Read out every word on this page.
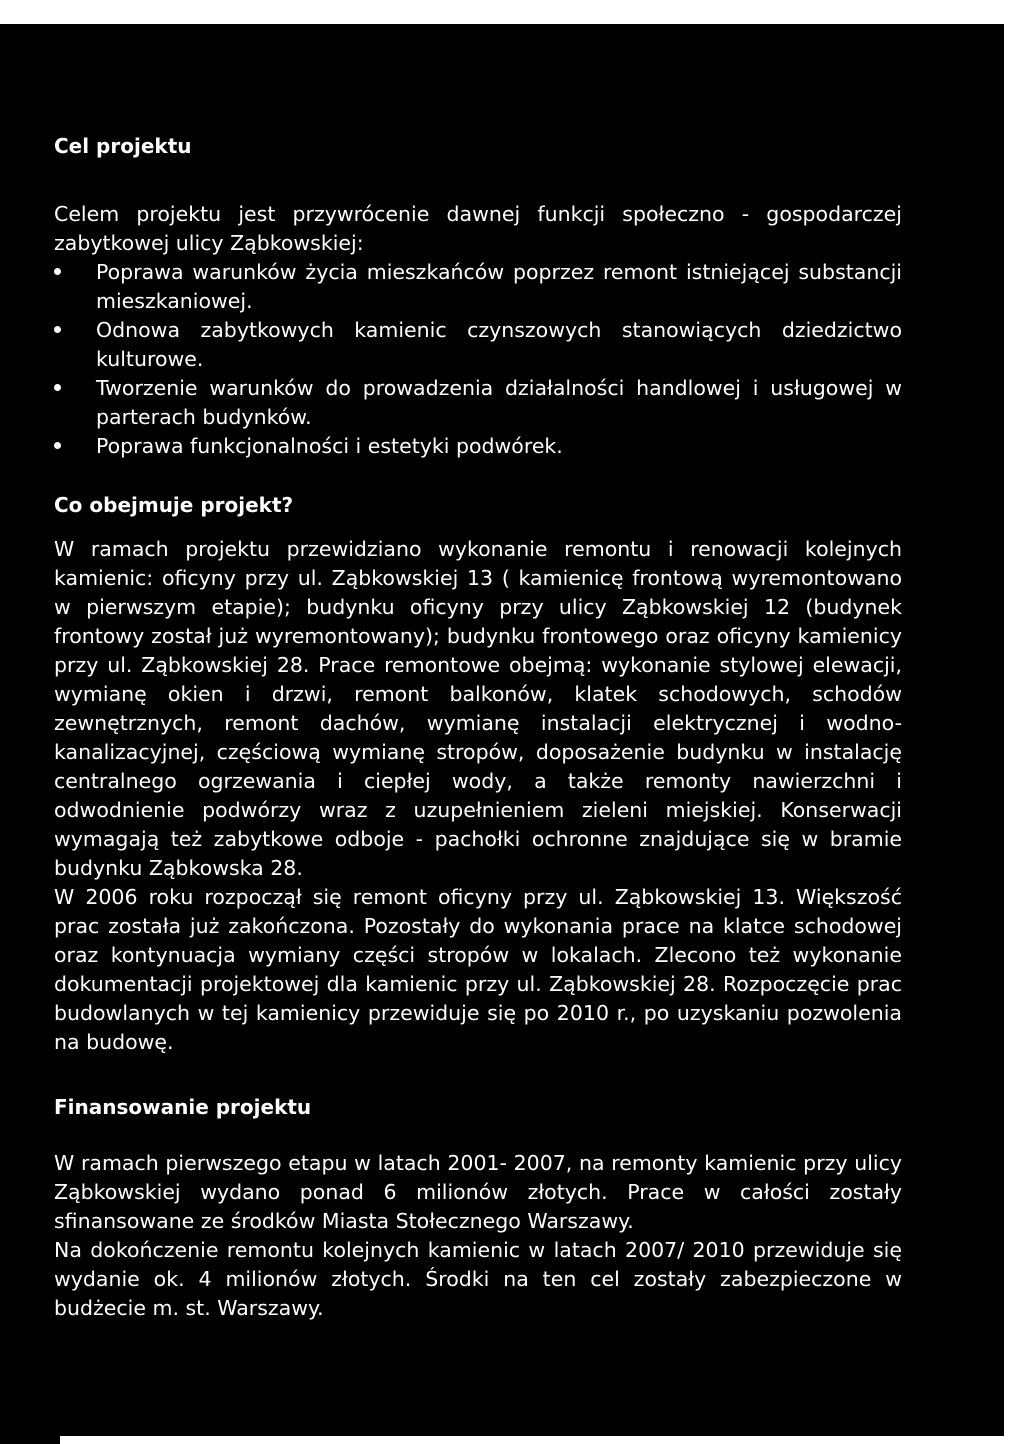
Cel projektu

Celem projektu jest przywrócenie dawnej funkcji społeczno - gospodarczej zabytkowej ulicy Ząbkowskiej:

Poprawa warunków życia mieszkańców poprzez remont istniejącej substancji mieszkaniowej.
Odnowa zabytkowych kamienic czynszowych stanowiących dziedzictwo kulturowe.
Tworzenie warunków do prowadzenia działalności handlowej i usługowej w parterach budynków.
Poprawa funkcjonalności i estetyki podwórek.
Co obejmuje projekt?

W ramach projektu przewidziano wykonanie remontu i renowacji kolejnych kamienic: oficyny przy ul. Ząbkowskiej 13 ( kamienicę frontową wyremontowano w pierwszym etapie); budynku oficyny przy ulicy Ząbkowskiej 12 (budynek frontowy został już wyremontowany); budynku frontowego oraz oficyny kamienicy przy ul. Ząbkowskiej 28. Prace remontowe obejmą: wykonanie stylowej elewacji, wymianę okien i drzwi, remont balkonów, klatek schodowych, schodów zewnętrznych, remont dachów, wymianę instalacji elektrycznej i wodno-kanalizacyjnej, częściową wymianę stropów, doposażenie budynku w instalację centralnego ogrzewania i ciepłej wody, a także remonty nawierzchni i odwodnienie podwórzy wraz z uzupełnieniem zieleni miejskiej. Konserwacji wymagają też zabytkowe odboje - pachołki ochronne znajdujące się w bramie budynku Ząbkowska 28.

W 2006 roku rozpoczął się remont oficyny przy ul. Ząbkowskiej 13. Większość prac została już zakończona. Pozostały do wykonania prace na klatce schodowej oraz kontynuacja wymiany części stropów w lokalach. Zlecono też wykonanie dokumentacji projektowej dla kamienic przy ul. Ząbkowskiej 28. Rozpoczęcie prac budowlanych w tej kamienicy przewiduje się po 2010 r., po uzyskaniu pozwolenia na budowę.

Finansowanie projektu

W ramach pierwszego etapu w latach 2001- 2007, na remonty kamienic przy ulicy Ząbkowskiej wydano ponad 6 milionów złotych. Prace w całości zostały sfinansowane ze środków Miasta Stołecznego Warszawy.

Na dokończenie remontu kolejnych kamienic w latach 2007/ 2010 przewiduje się wydanie ok. 4 milionów złotych. Środki na ten cel zostały zabezpieczone w budżecie m. st. Warszawy.
